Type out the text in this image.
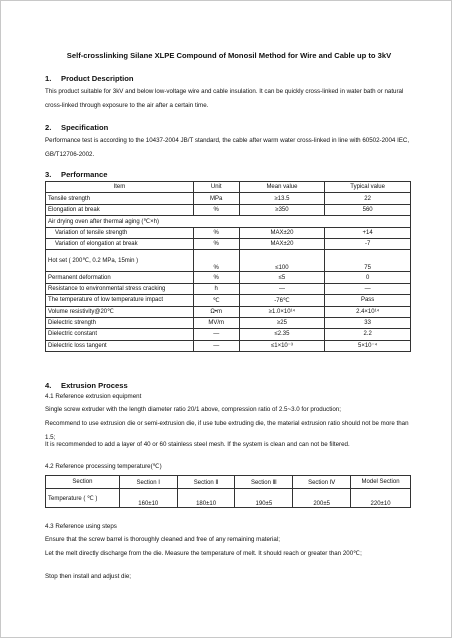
Self-crosslinking Silane XLPE Compound of Monosil Method for Wire and Cable up to 3kV
1. Product Description
This product suitable for 3kV and below low-voltage wire and cable insulation. It can be quickly cross-linked in water bath or natural cross-linked through exposure to the air after a certain time.
2. Specification
Performance test is according to the 10437-2004 JB/T standard, the cable after warm water cross-linked in line with 60502-2004 IEC, GB/T12706-2002.
3. Performance
Item	Unit	Mean value	Typical value
Tensile strength	MPa	≥13.5	22
Elongation at break	%	≥350	560
Air drying oven after thermal aging (℃×h)			
Variation of tensile strength	%	MAX±20	+14
Variation of elongation at break	%	MAX±20	-7
Hot set ( 200℃, 0.2 MPa, 15min )	%	≤100	75
Permanent deformation	%	≤5	0
Resistance to environmental stress cracking	h	—	—
The temperature of low temperature impact	℃	-76℃	Pass
Volume resistivity@20℃	Ω•m	≥1.0×10¹⁴	2.4×10¹⁴
Dielectric strength	MV/m	≥25	33
Dielectric constant	—	≤2.35	2.2
Dielectric loss tangent	—	≤1×10⁻³	5×10⁻⁴
4. Extrusion Process
4.1 Reference extrusion equipment
Single screw extruder with the length diameter ratio 20/1 above, compression ratio of 2.5~3.0 for production;
Recommend to use extrusion die or semi-extrusion die, if use tube extruding die, the material extrusion ratio should not be more than 1.5;
It is recommended to add a layer of 40 or 60 stainless steel mesh. If the system is clean and can not be filtered.
4.2 Reference processing temperature(℃)
Section	Section Ⅰ	Section Ⅱ	Section Ⅲ	Section Ⅳ	Model Section
Temperature ( ℃ )	160±10	180±10	190±5	200±5	220±10
4.3 Reference using steps
Ensure that the screw barrel is thoroughly cleaned and free of any remaining material;
Let the melt directly discharge from the die. Measure the temperature of melt. It should reach or greater than 200℃;
Stop then install and adjust die;
